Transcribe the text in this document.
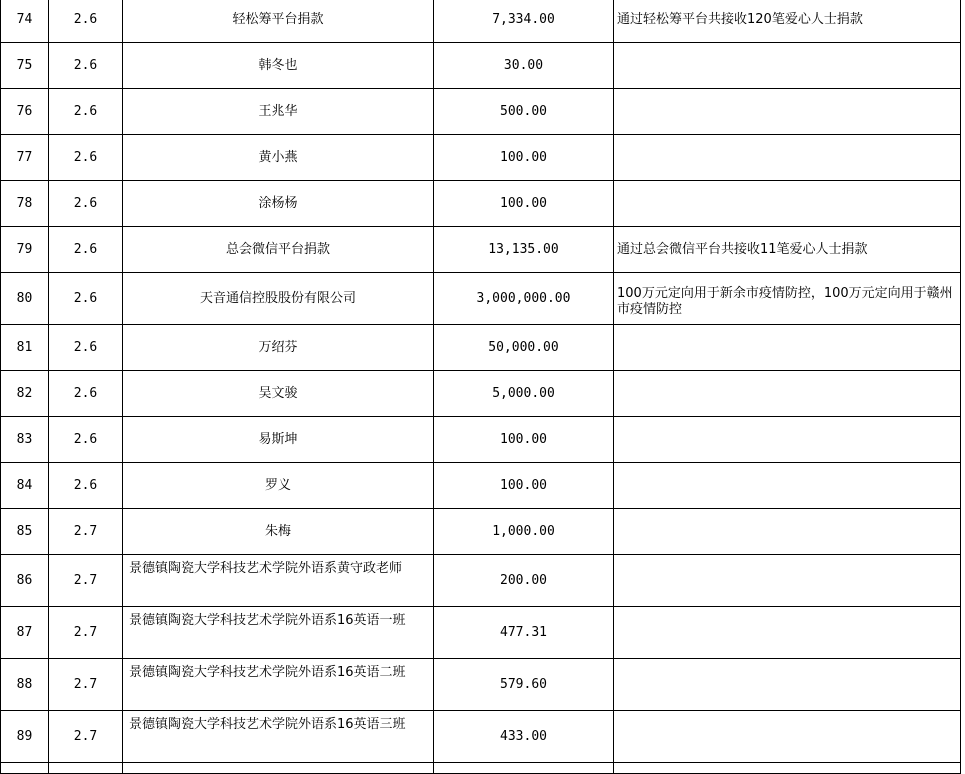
74	2.6	轻松筹平台捐款	7,334.00	通过轻松筹平台共接收120笔爱心人士捐款
75	2.6	韩冬也	30.00	
76	2.6	王兆华	500.00	
77	2.6	黄小燕	100.00	
78	2.6	涂杨杨	100.00	
79	2.6	总会微信平台捐款	13,135.00	通过总会微信平台共接收11笔爱心人士捐款
80	2.6	天音通信控股股份有限公司	3,000,000.00	100万元定向用于新余市疫情防控，100万元定向用于赣州市疫情防控
81	2.6	万绍芬	50,000.00	
82	2.6	吴文骏	5,000.00	
83	2.6	易斯坤	100.00	
84	2.6	罗义	100.00	
85	2.7	朱梅	1,000.00	
86	2.7	景德镇陶瓷大学科技艺术学院外语系黄守政老师	200.00	
87	2.7	景德镇陶瓷大学科技艺术学院外语系16英语一班	477.31	
88	2.7	景德镇陶瓷大学科技艺术学院外语系16英语二班	579.60	
89	2.7	景德镇陶瓷大学科技艺术学院外语系16英语三班	433.00	
